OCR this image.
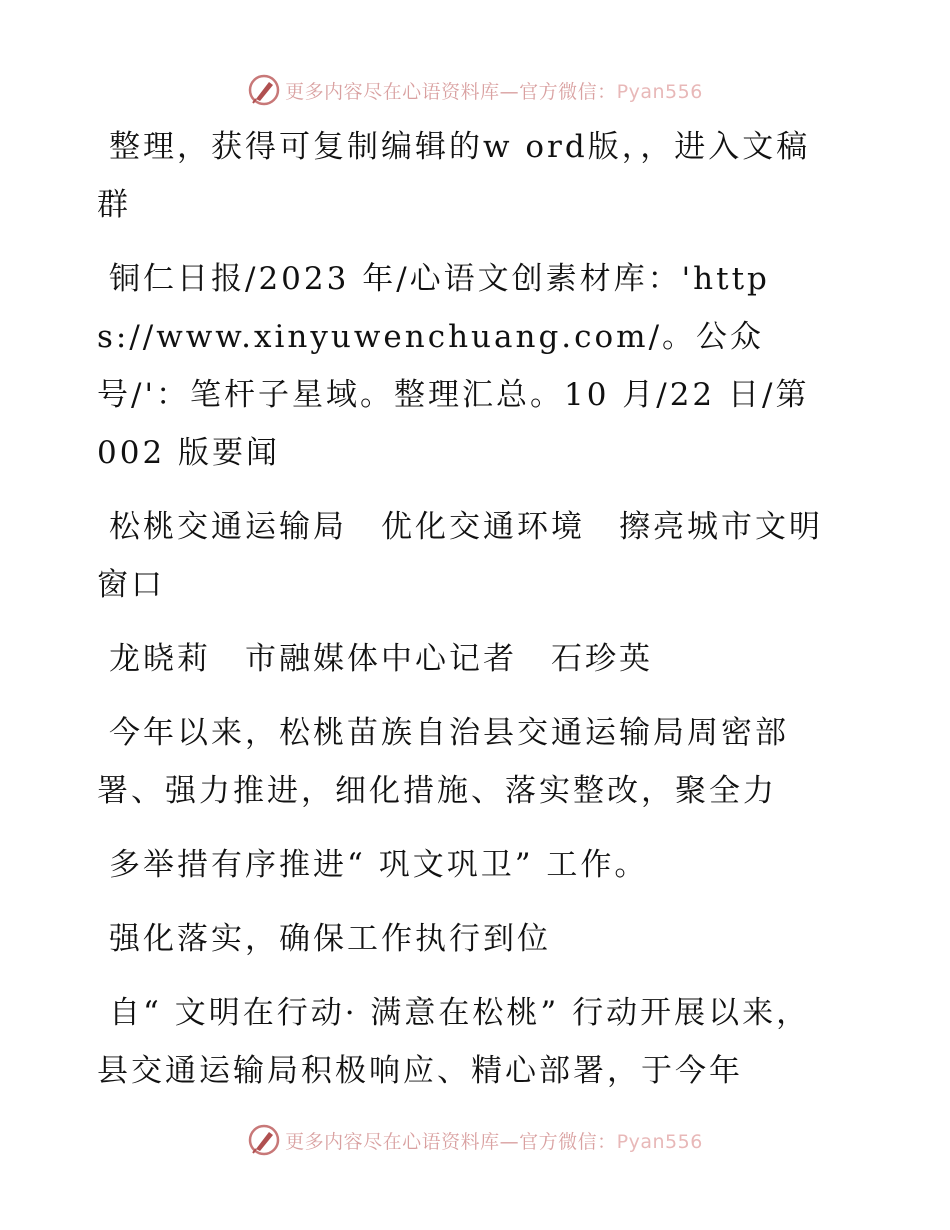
更多内容尽在心语资料库—官方微信：Pyan556

整理，获得可复制编辑的w ord版，，进入文稿群

铜仁日报/2023 年/心语文创素材库：'https://www.xinyuwenchuang.com/。公众号/'：笔杆子星域。整理汇总。10 月/22 日/第002 版要闻

松桃交通运输局　优化交通环境　擦亮城市文明窗口

龙晓莉　市融媒体中心记者　石珍英

今年以来，松桃苗族自治县交通运输局周密部署、强力推进，细化措施、落实整改，聚全力

多举措有序推进“ 巩文巩卫” 工作。

强化落实，确保工作执行到位

自“ 文明在行动· 满意在松桃” 行动开展以来，县交通运输局积极响应、精心部署，于今年

更多内容尽在心语资料库—官方微信：Pyan556
